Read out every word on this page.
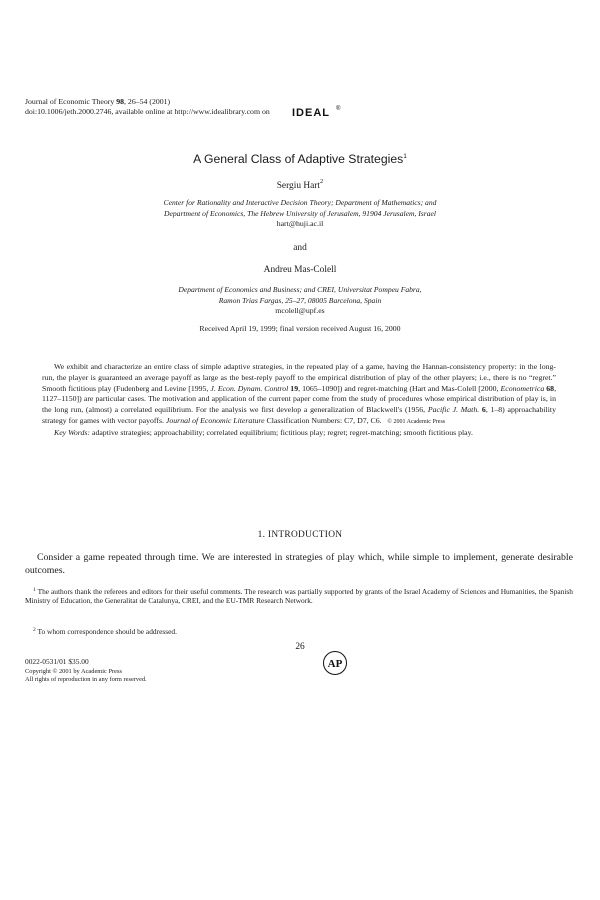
Journal of Economic Theory 98, 26–54 (2001)
doi:10.1006/jeth.2000.2746, available online at http://www.idealibrary.com on IDEAL ®
A General Class of Adaptive Strategies$^1$
Sergiu Hart$^2$
Center for Rationality and Interactive Decision Theory; Department of Mathematics; and
Department of Economics, The Hebrew University of Jerusalem, 91904 Jerusalem, Israel
hart@huji.ac.il
and
Andreu Mas-Colell
Department of Economics and Business; and CREI, Universitat Pompeu Fabra,
Ramon Trias Fargas, 25–27, 08005 Barcelona, Spain
mcolell@upf.es
Received April 19, 1999; final version received August 16, 2000

We exhibit and characterize an entire class of simple adaptive strategies, in the repeated play of a game, having the Hannan-consistency property: in the long-run, the player is guaranteed an average payoff as large as the best-reply payoff to the empirical distribution of play of the other players; i.e., there is no “regret.” Smooth fictitious play (Fudenberg and Levine [1995, J. Econ. Dynam. Control 19, 1065–1090]) and regret-matching (Hart and Mas-Colell [2000, Econometrica 68, 1127–1150]) are particular cases. The motivation and application of the current paper come from the study of procedures whose empirical distribution of play is, in the long run, (almost) a correlated equilibrium. For the analysis we first develop a generalization of Blackwell's (1956, Pacific J. Math. 6, 1–8) approachability strategy for games with vector payoffs. Journal of Economic Literature Classification Numbers: C7, D7, C6. © 2001 Academic Press

Key Words: adaptive strategies; approachability; correlated equilibrium; fictitious play; regret; regret-matching; smooth fictitious play.

1. INTRODUCTION
Consider a game repeated through time. We are interested in strategies of play which, while simple to implement, generate desirable outcomes.
$^1$ The authors thank the referees and editors for their useful comments. The research was partially supported by grants of the Israel Academy of Sciences and Humanities, the Spanish Ministry of Education, the Generalitat de Catalunya, CREI, and the EU-TMR Research Network.
$^2$ To whom correspondence should be addressed.
26
0022-0531/01 $35.00
Copyright © 2001 by Academic Press
All rights of reproduction in any form reserved.
AP
